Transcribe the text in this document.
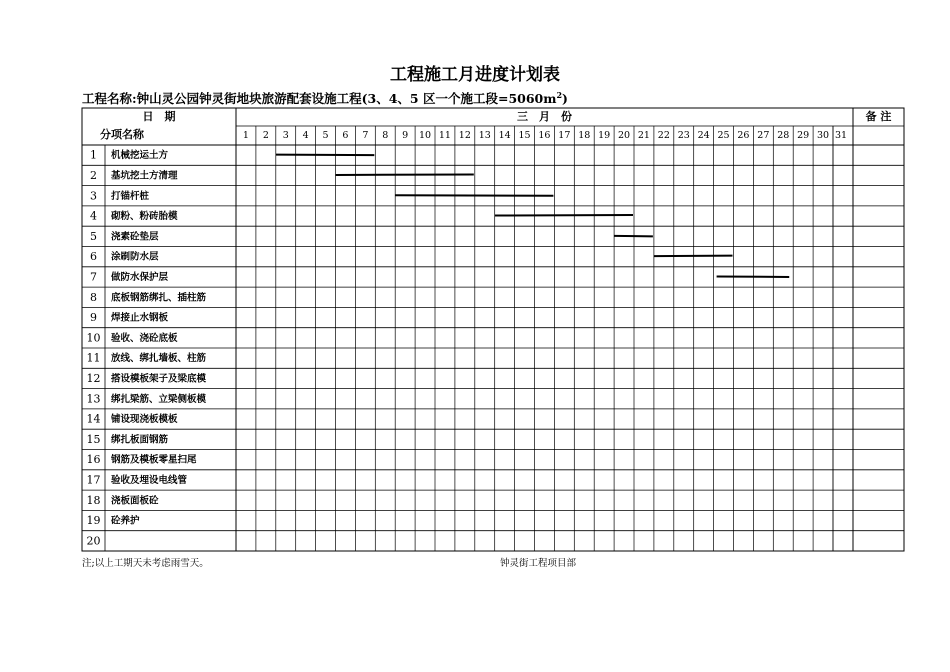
工程施工月进度计划表
工程名称:钟山灵公园钟灵街地块旅游配套设施工程(3、4、5 区一个施工段$=5060m^2$)
日　期
分项名称
三　月　份	备 注
1 2 3 4 5 6 7 8 9 10 11 12 13 14 15 16 17 18 19 20 21 22 23 24 25 26 27 28 29 30 31
1 机械挖运土方
2 基坑挖土方清理
3 打锚杆桩
4 砌粉、粉砖胎模
5 浇素砼垫层
6 涂刷防水层
7 做防水保护层
8 底板钢筋绑扎、插柱筋
9 焊接止水钢板
10 验收、浇砼底板
11 放线、绑扎墙板、柱筋
12 搭设模板架子及梁底模
13 绑扎梁筋、立梁侧板模
14 铺设现浇板模板
15 绑扎板面钢筋
16 钢筋及模板零星扫尾
17 验收及埋设电线管
18 浇板面板砼
19 砼养护
20
注;以上工期天未考虑雨雪天。	钟灵街工程项目部
